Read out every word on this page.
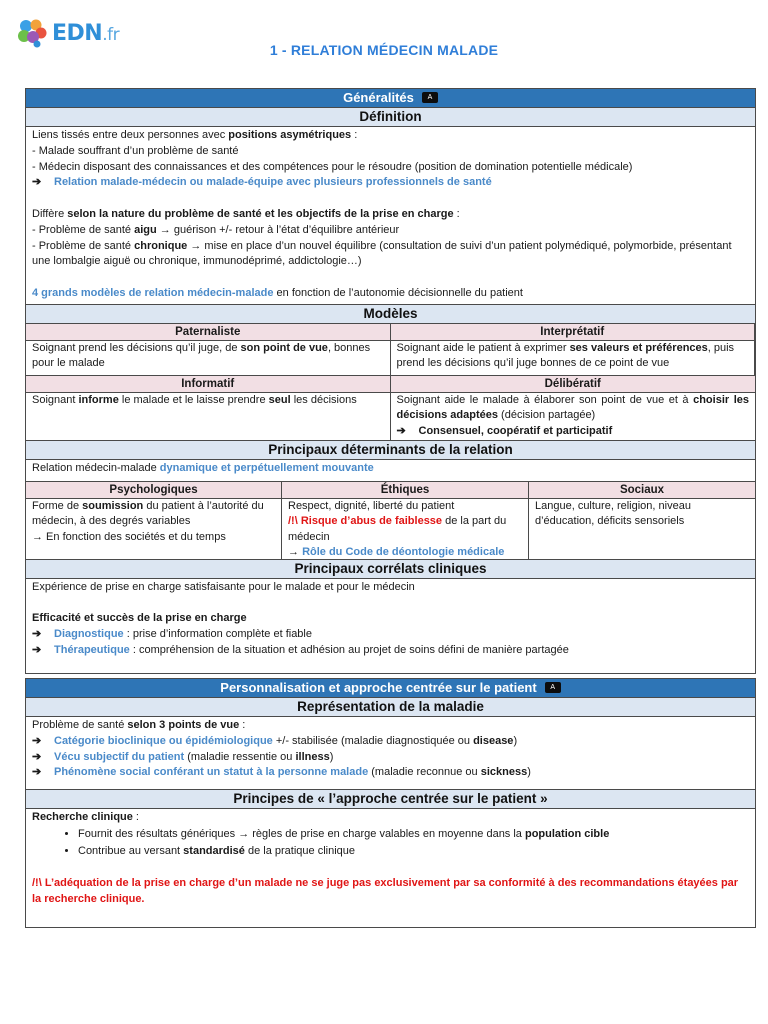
EDN.fr
1 - RELATION MÉDECIN MALADE
Généralités A
Définition

Liens tissés entre deux personnes avec positions asymétriques :

- Malade souffrant d’un problème de santé

- Médecin disposant des connaissances et des compétences pour le résoudre (position de domination potentielle médicale)

➔ Relation malade-médecin ou malade-équipe avec plusieurs professionnels de santé

Diffère selon la nature du problème de santé et les objectifs de la prise en charge :

- Problème de santé aigu → guérison +/- retour à l’état d’équilibre antérieur

- Problème de santé chronique → mise en place d’un nouvel équilibre (consultation de suivi d’un patient polymédiqué, polymorbide, présentant une lombalgie aiguë ou chronique, immunodéprimé, addictologie…)

4 grands modèles de relation médecin-malade en fonction de l’autonomie décisionnelle du patient

Modèles
Paternaliste
Soignant prend les décisions qu’il juge, de son point de vue, bonnes pour le malade
Interprétatif
Soignant aide le patient à exprimer ses valeurs et préférences, puis prend les décisions qu’il juge bonnes de ce point de vue
Informatif
Soignant informe le malade et le laisse prendre seul les décisions
Délibératif
Soignant aide le malade à élaborer son point de vue et à choisir les décisions adaptées (décision partagée)
➔ Consensuel, coopératif et participatif
Principaux déterminants de la relation
Relation médecin-malade dynamique et perpétuellement mouvante
Psychologiques
Forme de soumission du patient à l’autorité du médecin, à des degrés variables
→ En fonction des sociétés et du temps
Éthiques
Respect, dignité, liberté du patient
/!\ Risque d’abus de faiblesse de la part du médecin
→ Rôle du Code de déontologie médicale
Sociaux
Langue, culture, religion, niveau d’éducation, déficits sensoriels
Principaux corrélats cliniques

Expérience de prise en charge satisfaisante pour le malade et pour le médecin

Efficacité et succès de la prise en charge

➔ Diagnostique : prise d’information complète et fiable

➔ Thérapeutique : compréhension de la situation et adhésion au projet de soins défini de manière partagée

Personnalisation et approche centrée sur le patient A
Représentation de la maladie

Problème de santé selon 3 points de vue :

➔ Catégorie bioclinique ou épidémiologique +/- stabilisée (maladie diagnostiquée ou disease)

➔ Vécu subjectif du patient (maladie ressentie ou illness)

➔ Phénomène social conférant un statut à la personne malade (maladie reconnue ou sickness)

Principes de « l’approche centrée sur le patient »

Recherche clinique :

• Fournit des résultats génériques → règles de prise en charge valables en moyenne dans la population cible
• Contribue au versant standardisé de la pratique clinique

/!\ L’adéquation de la prise en charge d’un malade ne se juge pas exclusivement par sa conformité à des recommandations étayées par la recherche clinique.
